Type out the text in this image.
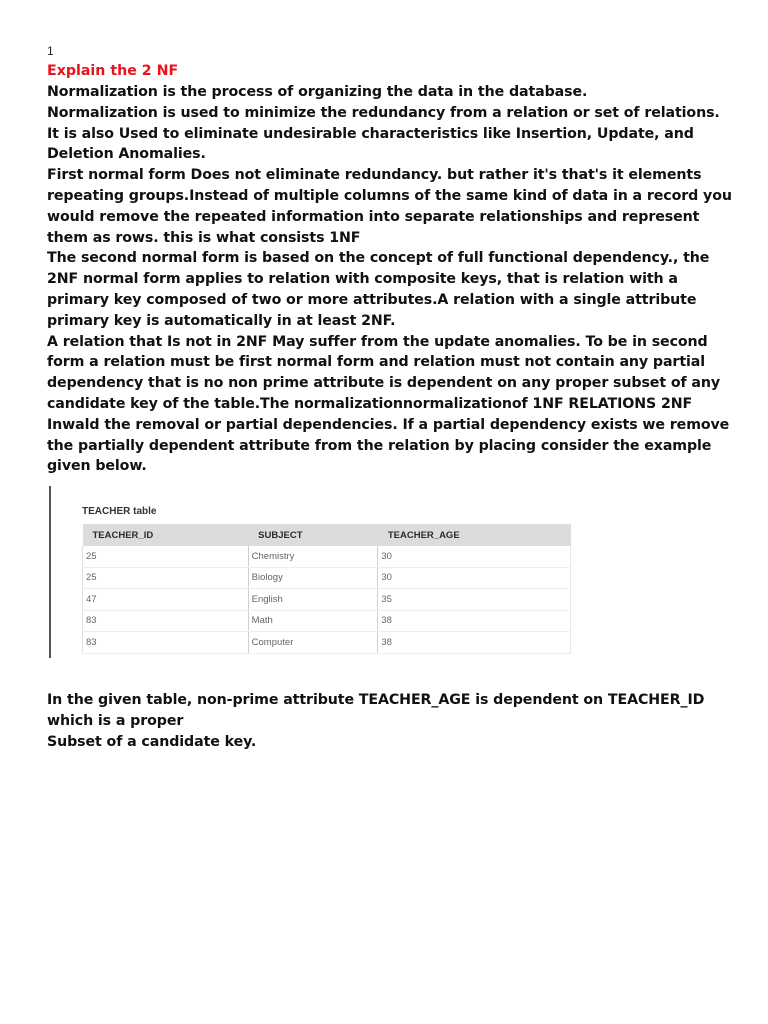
1

Explain the 2 NF

Normalization is the process of organizing the data in the database.

Normalization is used to minimize the redundancy from a relation or set of relations. It is also Used to eliminate undesirable characteristics like Insertion, Update, and Deletion Anomalies.

First normal form Does not eliminate redundancy. but rather it's that's it elements repeating groups.Instead of multiple columns of the same kind of data in a record you would remove the repeated information into separate relationships and represent them as rows. this is what consists 1NF

The second normal form is based on the concept of full functional dependency., the 2NF normal form applies to relation with composite keys, that is relation with a primary key composed of two or more attributes.A relation with a single attribute primary key is automatically in at least 2NF.

A relation that Is not in 2NF May suffer from the update anomalies. To be in second form a relation must be first normal form and relation must not contain any partial dependency that is no non prime attribute is dependent on any proper subset of any candidate key of the table.The normalizationnormalizationof 1NF RELATIONS 2NF Inwald the removal or partial dependencies. If a partial dependency exists we remove the partially dependent attribute from the relation by placing consider the example given below.

TEACHER table
TEACHER_ID	SUBJECT	TEACHER_AGE
25	Chemistry	30
25	Biology	30
47	English	35
83	Math	38
83	Computer	38

In the given table, non-prime attribute TEACHER_AGE is dependent on TEACHER_ID which is a proper

Subset of a candidate key.
